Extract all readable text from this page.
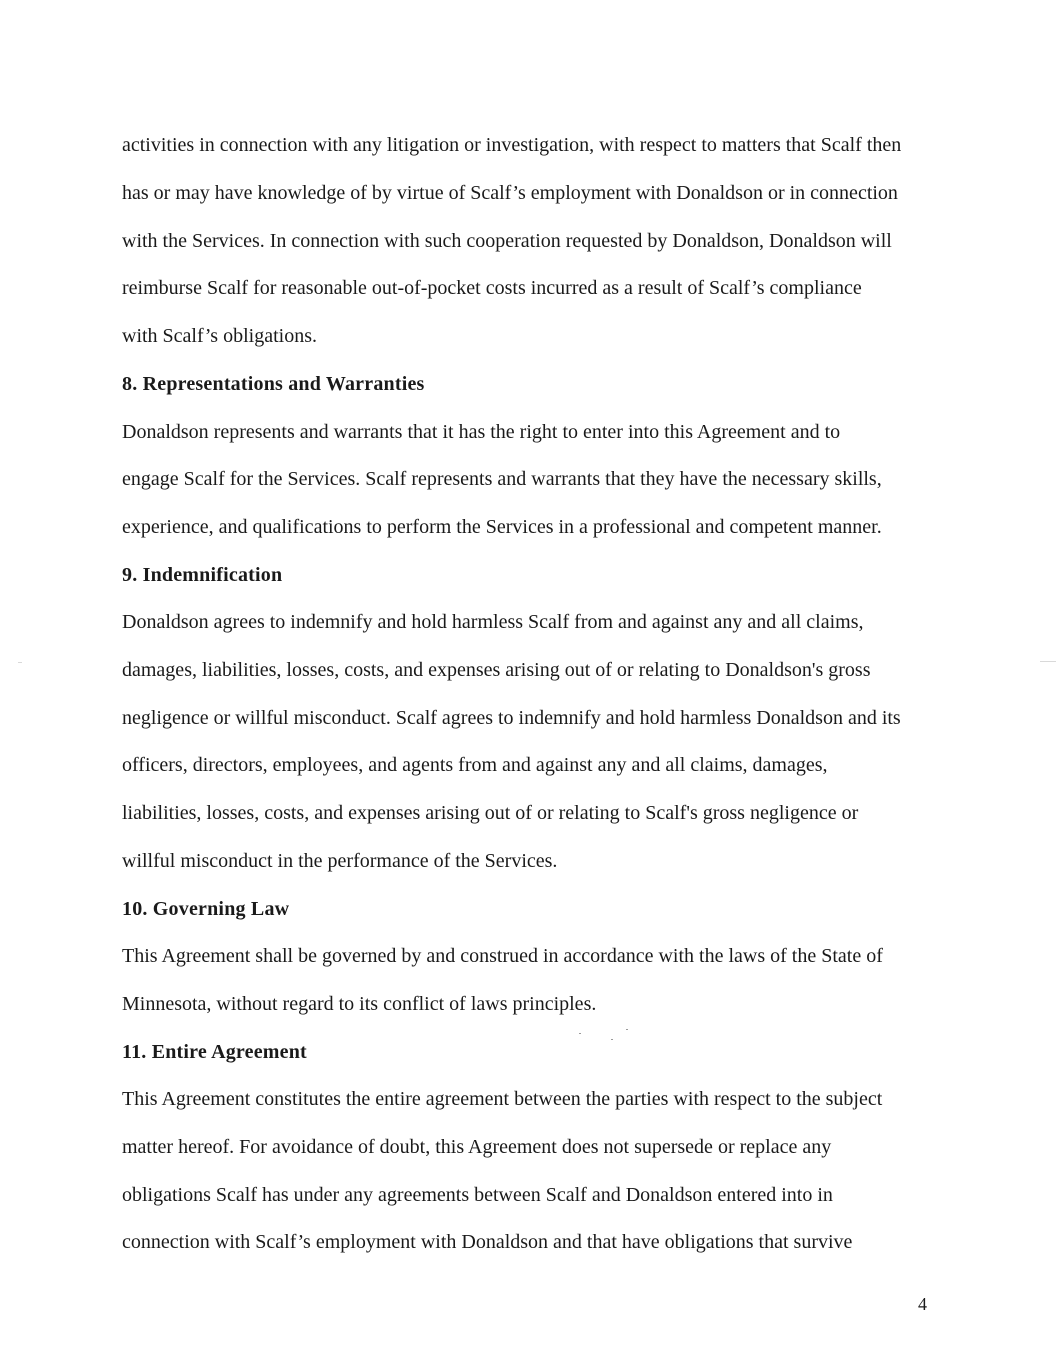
activities in connection with any litigation or investigation, with respect to matters that Scalf then
has or may have knowledge of by virtue of Scalf’s employment with Donaldson or in connection
with the Services. In connection with such cooperation requested by Donaldson, Donaldson will
reimburse Scalf for reasonable out-of-pocket costs incurred as a result of Scalf’s compliance
with Scalf’s obligations.
8. Representations and Warranties
Donaldson represents and warrants that it has the right to enter into this Agreement and to
engage Scalf for the Services. Scalf represents and warrants that they have the necessary skills,
experience, and qualifications to perform the Services in a professional and competent manner.
9. Indemnification
Donaldson agrees to indemnify and hold harmless Scalf from and against any and all claims,
damages, liabilities, losses, costs, and expenses arising out of or relating to Donaldson's gross
negligence or willful misconduct. Scalf agrees to indemnify and hold harmless Donaldson and its
officers, directors, employees, and agents from and against any and all claims, damages,
liabilities, losses, costs, and expenses arising out of or relating to Scalf's gross negligence or
willful misconduct in the performance of the Services.
10. Governing Law
This Agreement shall be governed by and construed in accordance with the laws of the State of
Minnesota, without regard to its conflict of laws principles.
11. Entire Agreement
This Agreement constitutes the entire agreement between the parties with respect to the subject
matter hereof. For avoidance of doubt, this Agreement does not supersede or replace any
obligations Scalf has under any agreements between Scalf and Donaldson entered into in
connection with Scalf’s employment with Donaldson and that have obligations that survive
4
